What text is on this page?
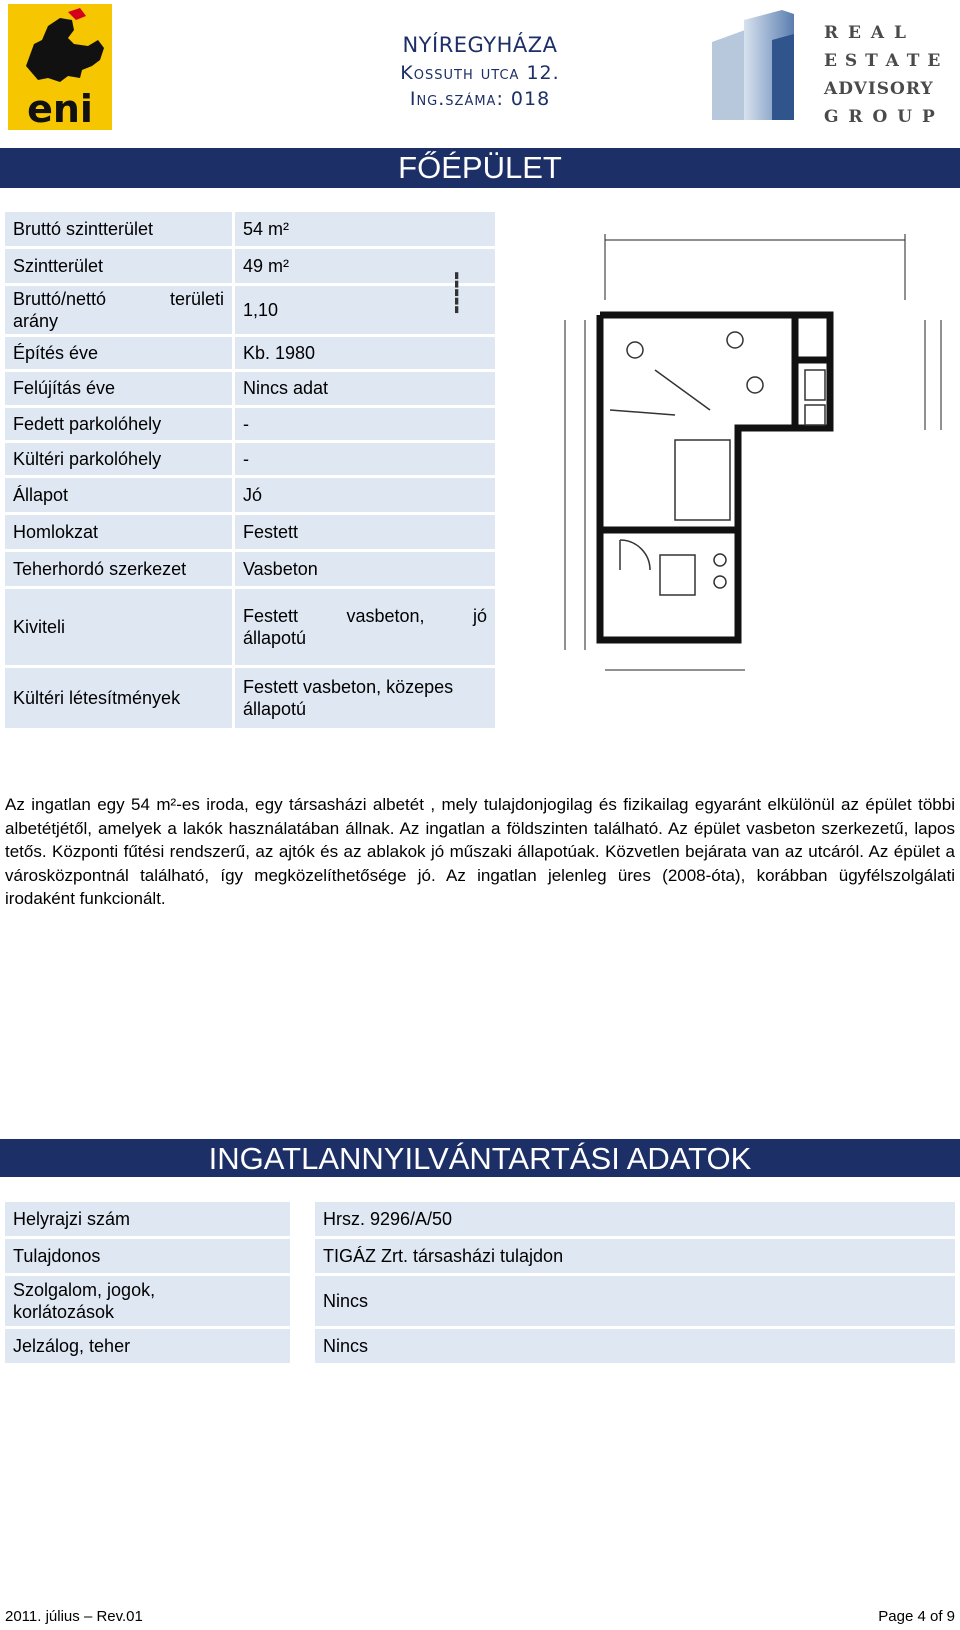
eni
NYÍREGYHÁZA
Kossuth utca 12.
Ing.száma: 018
R E A L
E S T A T E
ADVISORY
G R O U P
FŐÉPÜLET
Bruttó szintterület	54 m²
Szintterület	49 m²

Bruttó/nettó területi
arány	1,10
Építés éve	Kb. 1980
Felújítás éve	Nincs adat
Fedett parkolóhely	-
Kültéri parkolóhely	-
Állapot	Jó
Homlokzat	Festett
Teherhordó szerkezet	Vasbeton
Kiviteli	Festett vasbeton, jó
állapotú

Kültéri létesítmények	Festett vasbeton, közepes
állapotú
▬▬▬▬▬
Az ingatlan egy 54 m²-es iroda, egy társasházi albetét , mely tulajdonjogilag és fizikailag egyaránt elkülönül az épület többi albetétjétől, amelyek a lakók használatában állnak. Az ingatlan a földszinten található. Az épület vasbeton szerkezetű, lapos tetős. Központi fűtési rendszerű, az ajtók és az ablakok jó műszaki állapotúak. Közvetlen bejárata van az utcáról. Az épület a városközpontnál található, így megközelíthetősége jó. Az ingatlan jelenleg üres (2008-óta), korábban ügyfélszolgálati irodaként funkcionált.
INGATLANNYILVÁNTARTÁSI ADATOK
Helyrajzi szám	Hrsz. 9296/A/50
Tulajdonos	TIGÁZ Zrt. társasházi tulajdon

Szolgalom, jogok,
korlátozások	Nincs
Jelzálog, teher	Nincs
2011. július – Rev.01	Page 4 of 9
